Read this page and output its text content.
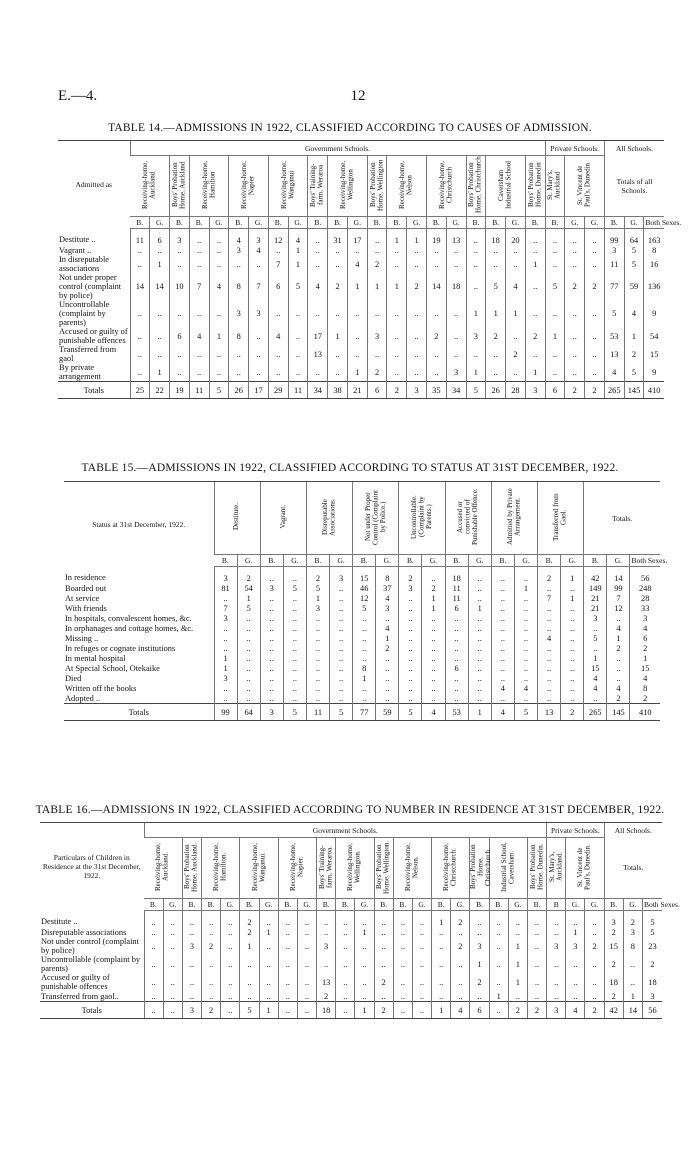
E.—4.	12
TABLE 14.—ADMISSIONS IN 1922, CLASSIFIED ACCORDING TO CAUSES OF ADMISSION.
Admitted as	Government Schools.																					Private Schools.			All Schools.		
	Receiving-home, Auckland		Boys' Probation Home, Auckland	Receiving-home, Hamilton		Receiving-home, Napier		Receiving-home, Wanganui		Boys' Training-farm, Weraroa	Receiving-home, Wellington		Boys' Probation Home, Wellington	Receiving-home, Nelson		Receiving-home, Christchurch		Boys' Probation Home, Christchurch	Caversham Industrial School		Boys' Probation Home, Dunedin	St. Mary's, Auckland	St. Vincent de Paul's, Dunedin		Totals of all Schools.		
	B.	G.	B.	B.	G.	B.	G.	B.	G.	B.	B.	G.	B.	B.	G.	B.	G.	B.	B.	G.	B.	B.	G.	G.	B.	G.	Both Sexes.
Destitute ..	11	6	3	..	..	4	3	12	4	..	31	17	..	1	1	19	13	..	18	20	..	..	..	..	99	64	163
Vagrant ..	..	..	..	..	..	3	4	..	1	..	..	..	..	..	..	..	..	..	..	..	..	..	..	..	3	5	8
In disreputable associations	..	1	..	..	..	..	..	7	1	..	..	4	2	..	..	..	..	..	..	..	1	..	..	..	11	5	16
Not under proper control (complaint by police)	14	14	10	7	4	8	7	6	5	4	2	1	1	1	2	14	18	..	5	4	..	5	2	2	77	59	136
Uncontrollable (complaint by parents)	..	..	..	..	..	3	3	..	..	..	..	..	..	..	..	..	..	1	1	1	..	..	..	..	5	4	9
Accused or guilty of punishable offences	..	..	6	4	1	8	..	4	..	17	1	..	3	..	..	2	..	3	2	..	2	1	..	..	53	1	54
Transferred from gaol	..	..	..	..	..	..	..	..	..	13	..	..	..	..	..	..	..	..	..	2	..	..	..	..	13	2	15
By private arrangement	..	1	..	..	..	..	..	..	..	..	..	1	2	..	..	..	3	1	..	..	1	..	..	..	4	5	9
Totals	25	22	19	11	5	26	17	29	11	34	38	21	6	2	3	35	34	5	26	28	3	6	2	2	265	145	410
TABLE 15.—ADMISSIONS IN 1922, CLASSIFIED ACCORDING TO STATUS AT 31ST DECEMBER, 1922.
Status at 31st December, 1922.	Destitute.		Vagrant.		Disreputable Associations.		Not under Proper Control (Complaint by Police.)		Uncontrollable. (Complaint by Parents.)		Accused or convicted of Punishable Offence.		Admitted by Private Arrangement.		Transferred from Gaol.		Totals.		
	B.	G.	B.	G.	B.	G.	B.	G.	B.	G.	B.	G.	B.	G.	B.	G.	B.	G.	Both Sexes.
In residence	3	2	..	..	2	3	15	8	2	..	18	..	..	..	2	1	42	14	56
Boarded out	81	54	3	5	5	..	46	37	3	2	11	..	..	1	..	..	149	99	248
At service	..	1	..	..	1	..	12	4	..	1	11	..	..	..	7	1	21	7	28
With friends	7	5	..	..	3	..	5	3	..	1	6	1	..	..	..	..	21	12	33
In hospitals, convalescent homes, &c.	3	..	..	..	..	..	..	..	..	..	..	..	..	..	..	..	3	..	3
In orphanages and cottage homes, &c.	..	..	..	..	..	..	..	4	..	..	..	..	..	..	..	..	..	4	4
Missing ..	..	..	..	..	..	..	..	1	..	..	..	..	..	..	4	..	5	1	6
In refuges or cognate institutions	..	..	..	..	..	..	..	2	..	..	..	..	..	..	..	..	..	2	2
In mental hospital	1	..	..	..	..	..	..	..	..	..	..	..	..	..	..	..	1	..	1
At Special School, Otekaike	1	..	..	..	..	..	8	..	..	..	6	..	..	..	..	..	15	..	15
Died	3	..	..	..	..	..	1	..	..	..	..	..	..	..	..	..	4	..	4
Written off the books	..	..	..	..	..	..	..	..	..	..	..	..	4	4	..	..	4	4	8
Adopted ..	..	..	..	..	..	..	..	..	..	..	..	..	..	..	..	..	..	2	2
Totals	99	64	3	5	11	5	77	59	5	4	53	1	4	5	13	2	265	145	410
TABLE 16.—ADMISSIONS IN 1922, CLASSIFIED ACCORDING TO NUMBER IN RESIDENCE AT 31ST DECEMBER, 1922.
Particulars of Children in Residence at the 31st December, 1922.	Government Schools.																					Private Schools.			All Schools.		
	Receiving-home, Auckland.		Boys' Probation Home, Auckland.	Receiving-home, Hamilton.		Receiving-home, Wanganui.		Receiving-home, Napier.		Boys' Training-farm, Weraroa.	Receiving-home, Wellington.		Boys' Probation Home, Wellington.	Receiving-home, Nelson.		Receiving-home, Christchurch.		Boys' Probation Home, Christchurch.	Industrial School, Caversham.		Boys' Probation Home, Dunedin.	St. Mary's, Auckland.	St. Vincent de Paul's, Dunedin.		Totals.		
	B.	G.	B.	B.	G.	B.	G.	B.	G.	B.	B.	G.	B.	B.	G.	B.	G.	B.	B.	G.	B.	B	G.	G.	B.	G.	Both Sexes.
Destitute ..	..	..	..	..	..	2	..	..	..	..	..	..	..	..	..	1	2	..	..	..	..	..	..	..	3	2	5
Disreputable associations	..	..	..	..	..	2	1	..	..	..	..	1	..	..	..	..	..	..	..	..	..	..	1	..	2	3	5
Not under control (complaint by police)	..	..	3	2	..	1	..	..	..	3	..	..	..	..	..	..	2	3	..	1	..	3	3	2	15	8	23
Uncontrollable (complaint by parents)	..	..	..	..	..	..	..	..	..	..	..	..	..	..	..	..	..	1	..	1	..	..	..	..	2	..	2
Accused or guilty of punishable offences	..	..	..	..	..	..	..	..	..	13	..	..	2	..	..	..	..	2	..	1	..	..	..	..	18	..	18
Transferred from gaol..	..	..	..	..	..	..	..	..	..	2	..	..	..	..	..	..	..	..	1	..	..	..	..	..	2	1	3
Totals	..	..	3	2	..	5	1	..	..	18	..	1	2	..	..	1	4	6	..	2	2	3	4	2	42	14	56
